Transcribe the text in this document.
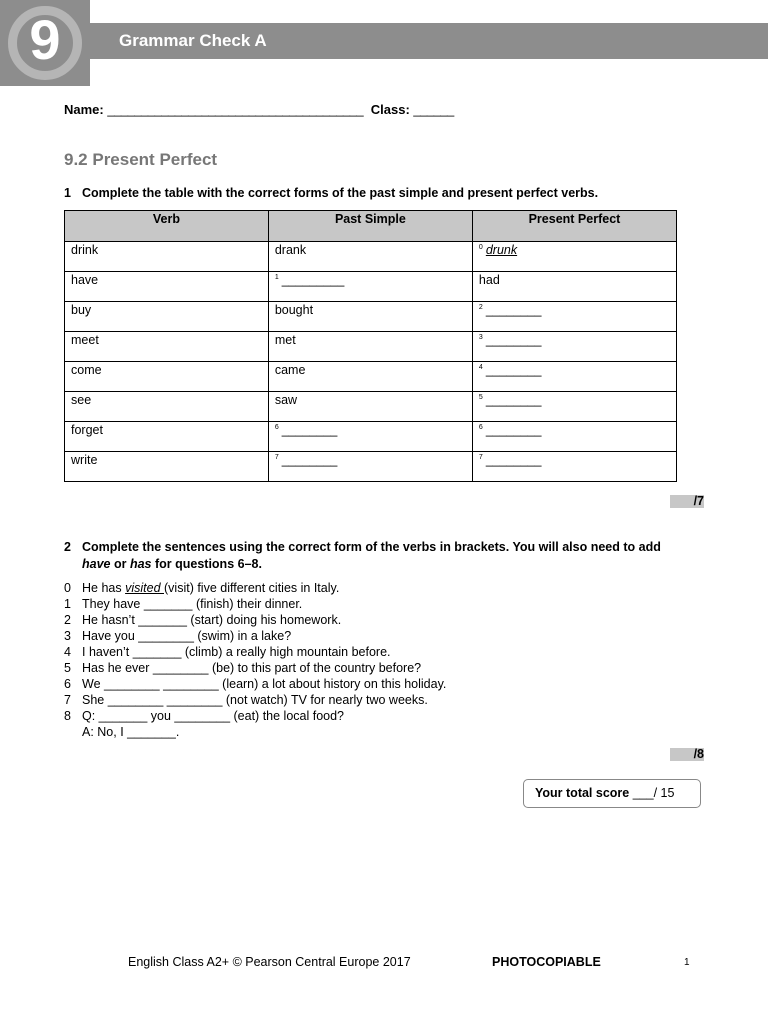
9	Grammar Check A
Name: ______________________________________ Class: ______
9.2 Present Perfect
1 Complete the table with the correct forms of the past simple and present perfect verbs.
Verb	Past Simple	Present Perfect
drink	drank	$^0$ drunk
have	$^1$ _________	had
buy	bought	$^2$ ________
meet	met	$^3$ ________
come	came	$^4$ ________
see	saw	$^5$ ________
forget	$^6$ ________	$^6$ ________
write	$^7$ ________	$^7$ ________
/7
2 Complete the sentences using the correct form of the verbs in brackets. You will also need to add
have or has for questions 6–8.
0 He has visited (visit) five different cities in Italy.
1 They have _______ (finish) their dinner.
2 He hasn’t _______ (start) doing his homework.
3 Have you ________ (swim) in a lake?
4 I haven’t _______ (climb) a really high mountain before.
5 Has he ever ________ (be) to this part of the country before?
6 We ________ ________ (learn) a lot about history on this holiday.
7 She ________ ________ (not watch) TV for nearly two weeks.
8 Q: _______ you ________ (eat) the local food?
A: No, I _______.
/8
Your total score ___/ 15
English Class A2+ © Pearson Central Europe 2017	PHOTOCOPIABLE	1
